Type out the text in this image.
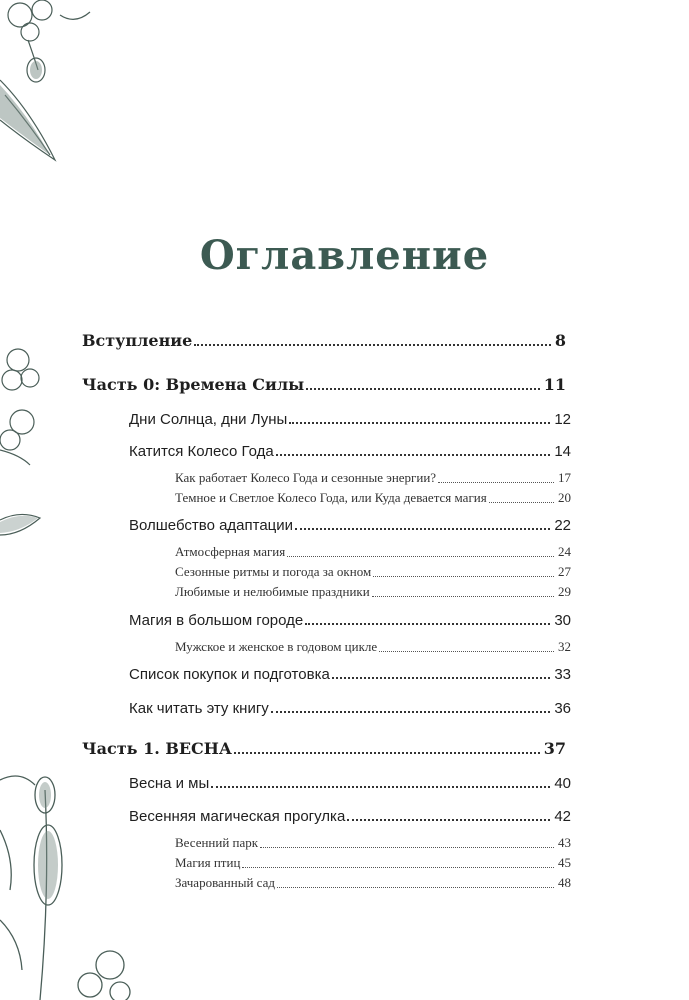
Оглавление
Вступление	8
Часть 0: Времена Силы	11
Дни Солнца, дни Луны	12
Катится Колесо Года	14
Как работает Колесо Года и сезонные энергии?	17
Темное и Светлое Колесо Года, или Куда девается магия	20
Волшебство адаптации	22
Атмосферная магия	24
Сезонные ритмы и погода за окном	27
Любимые и нелюбимые праздники	29
Магия в большом городе	30
Мужское и женское в годовом цикле	32
Список покупок и подготовка	33
Как читать эту книгу	36
Часть 1. ВЕСНА	37
Весна и мы	40
Весенняя магическая прогулка	42
Весенний парк	43
Магия птиц	45
Зачарованный сад	48
